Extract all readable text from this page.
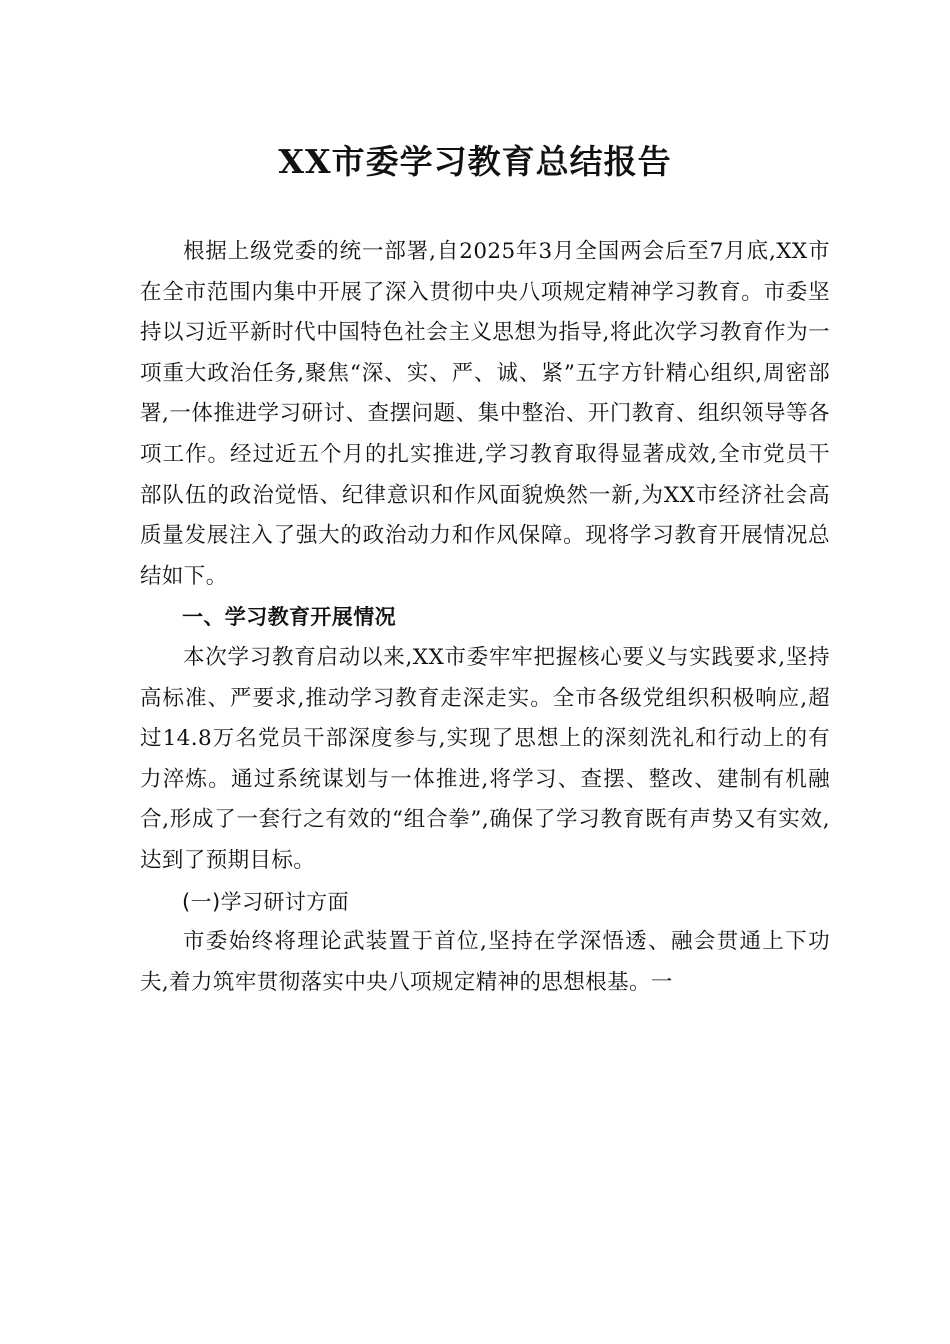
XX市委学习教育总结报告

根据上级党委的统一部署,自2025年3月全国两会后至7月底,XX市在全市范围内集中开展了深入贯彻中央八项规定精神学习教育。市委坚持以习近平新时代中国特色社会主义思想为指导,将此次学习教育作为一项重大政治任务,聚焦“深、实、严、诚、紧”五字方针精心组织,周密部署,一体推进学习研讨、查摆问题、集中整治、开门教育、组织领导等各项工作。经过近五个月的扎实推进,学习教育取得显著成效,全市党员干部队伍的政治觉悟、纪律意识和作风面貌焕然一新,为XX市经济社会高质量发展注入了强大的政治动力和作风保障。现将学习教育开展情况总结如下。

一、学习教育开展情况

本次学习教育启动以来,XX市委牢牢把握核心要义与实践要求,坚持高标准、严要求,推动学习教育走深走实。全市各级党组织积极响应,超过14.8万名党员干部深度参与,实现了思想上的深刻洗礼和行动上的有力淬炼。通过系统谋划与一体推进,将学习、查摆、整改、建制有机融合,形成了一套行之有效的“组合拳”,确保了学习教育既有声势又有实效,达到了预期目标。

(一)学习研讨方面

市委始终将理论武装置于首位,坚持在学深悟透、融会贯通上下功夫,着力筑牢贯彻落实中央八项规定精神的思想根基。一
